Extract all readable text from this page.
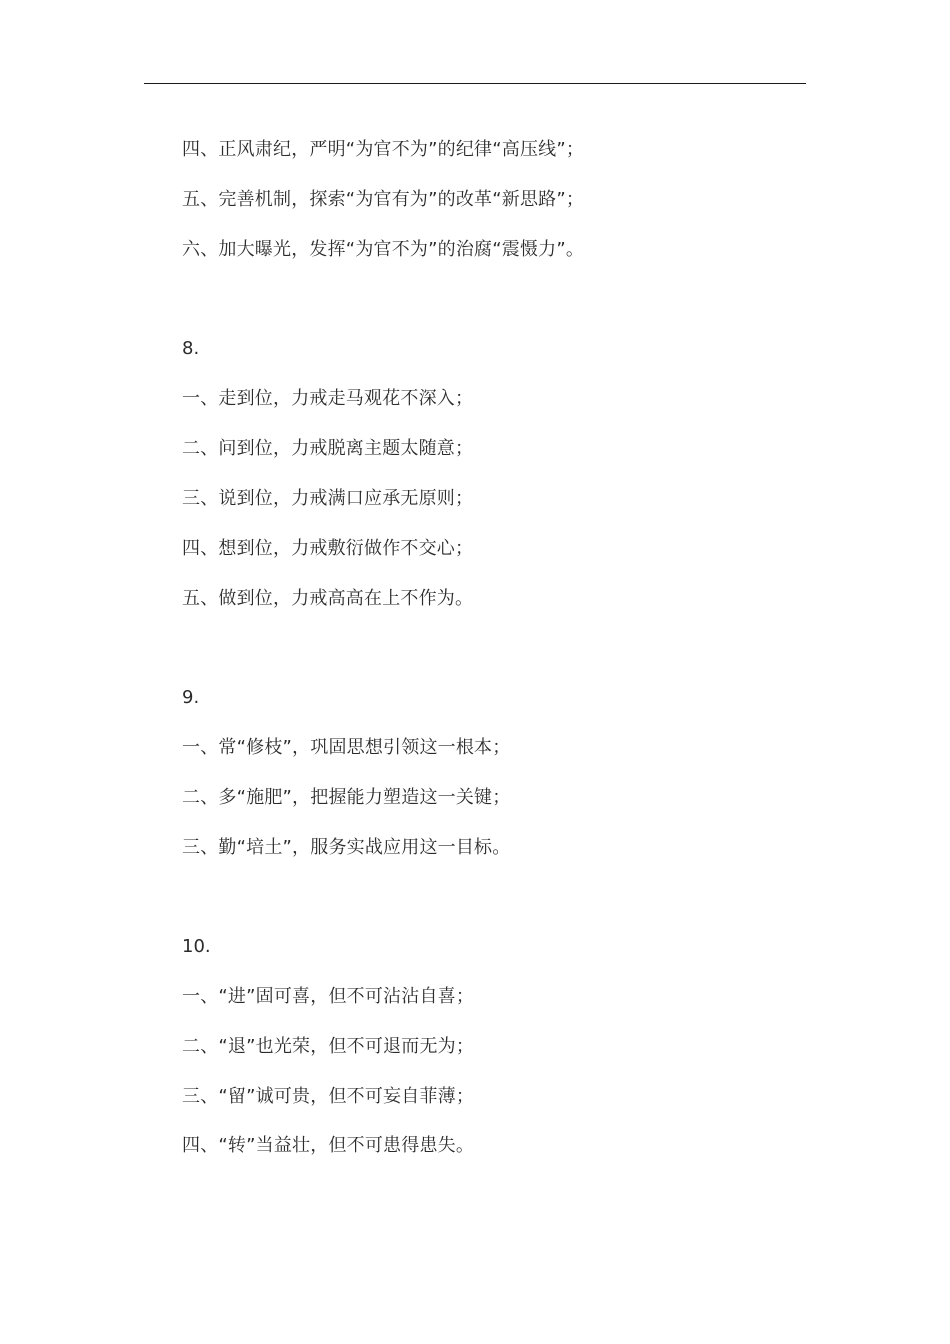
四、正风肃纪，严明“为官不为”的纪律“高压线”；
五、完善机制，探索“为官有为”的改革“新思路”；
六、加大曝光，发挥“为官不为”的治腐“震慑力”。
8.
一、走到位，力戒走马观花不深入；
二、问到位，力戒脱离主题太随意；
三、说到位，力戒满口应承无原则；
四、想到位，力戒敷衍做作不交心；
五、做到位，力戒高高在上不作为。
9.
一、常“修枝”，巩固思想引领这一根本；
二、多“施肥”，把握能力塑造这一关键；
三、勤“培土”，服务实战应用这一目标。
10.
一、“进”固可喜，但不可沾沾自喜；
二、“退”也光荣，但不可退而无为；
三、“留”诚可贵，但不可妄自菲薄；
四、“转”当益壮，但不可患得患失。
